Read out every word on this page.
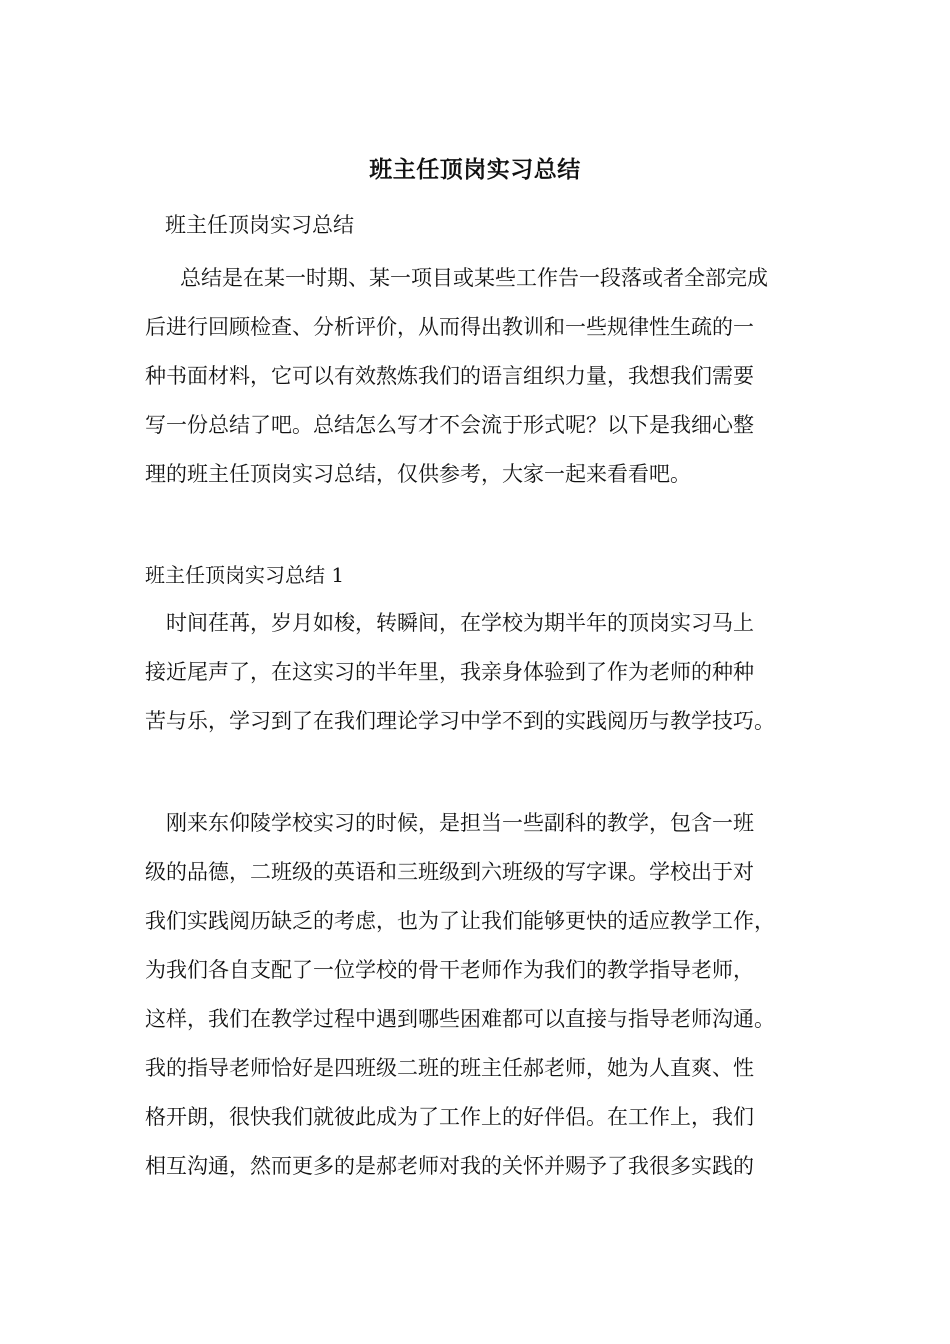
班主任顶岗实习总结
班主任顶岗实习总结
总结是在某一时期、某一项目或某些工作告一段落或者全部完成
后进行回顾检查、分析评价，从而得出教训和一些规律性生疏的一
种书面材料，它可以有效熬炼我们的语言组织力量，我想我们需要
写一份总结了吧。总结怎么写才不会流于形式呢？以下是我细心整
理的班主任顶岗实习总结，仅供参考，大家一起来看看吧。
班主任顶岗实习总结 1
时间荏苒，岁月如梭，转瞬间，在学校为期半年的顶岗实习马上
接近尾声了，在这实习的半年里，我亲身体验到了作为老师的种种
苦与乐，学习到了在我们理论学习中学不到的实践阅历与教学技巧。
刚来东仰陵学校实习的时候，是担当一些副科的教学，包含一班
级的品德，二班级的英语和三班级到六班级的写字课。学校出于对
我们实践阅历缺乏的考虑，也为了让我们能够更快的适应教学工作，
为我们各自支配了一位学校的骨干老师作为我们的教学指导老师，
这样，我们在教学过程中遇到哪些困难都可以直接与指导老师沟通。
我的指导老师恰好是四班级二班的班主任郝老师，她为人直爽、性
格开朗，很快我们就彼此成为了工作上的好伴侣。在工作上，我们
相互沟通，然而更多的是郝老师对我的关怀并赐予了我很多实践的
